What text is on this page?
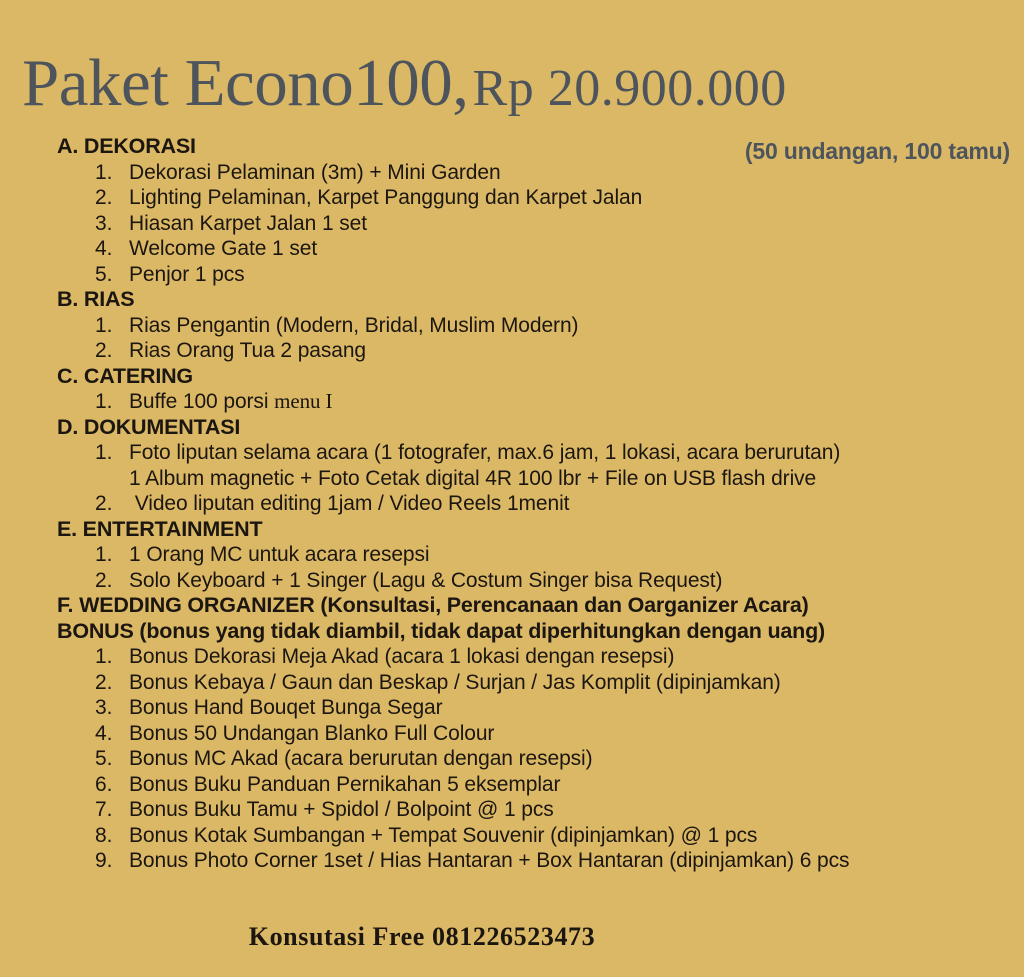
Paket Econo100,Rp 20.900.000
(50 undangan, 100 tamu)
A. DEKORASI
1. Dekorasi Pelaminan (3m) + Mini Garden
2. Lighting Pelaminan, Karpet Panggung dan Karpet Jalan
3. Hiasan Karpet Jalan 1 set
4. Welcome Gate 1 set
5. Penjor 1 pcs
B. RIAS
1. Rias Pengantin (Modern, Bridal, Muslim Modern)
2. Rias Orang Tua 2 pasang
C. CATERING
1. Buffe 100 porsi menu I
D. DOKUMENTASI
1. Foto liputan selama acara (1 fotografer, max.6 jam, 1 lokasi, acara berurutan)
1 Album magnetic + Foto Cetak digital 4R 100 lbr + File on USB flash drive
2. Video liputan editing 1jam / Video Reels 1menit
E. ENTERTAINMENT
1. 1 Orang MC untuk acara resepsi
2. Solo Keyboard + 1 Singer (Lagu & Costum Singer bisa Request)
F. WEDDING ORGANIZER (Konsultasi, Perencanaan dan Oarganizer Acara)
BONUS (bonus yang tidak diambil, tidak dapat diperhitungkan dengan uang)
1. Bonus Dekorasi Meja Akad (acara 1 lokasi dengan resepsi)
2. Bonus Kebaya / Gaun dan Beskap / Surjan / Jas Komplit (dipinjamkan)
3. Bonus Hand Bouqet Bunga Segar
4. Bonus 50 Undangan Blanko Full Colour
5. Bonus MC Akad (acara berurutan dengan resepsi)
6. Bonus Buku Panduan Pernikahan 5 eksemplar
7. Bonus Buku Tamu + Spidol / Bolpoint @ 1 pcs
8. Bonus Kotak Sumbangan + Tempat Souvenir (dipinjamkan) @ 1 pcs
9. Bonus Photo Corner 1set / Hias Hantaran + Box Hantaran (dipinjamkan) 6 pcs
Konsutasi Free 081226523473
